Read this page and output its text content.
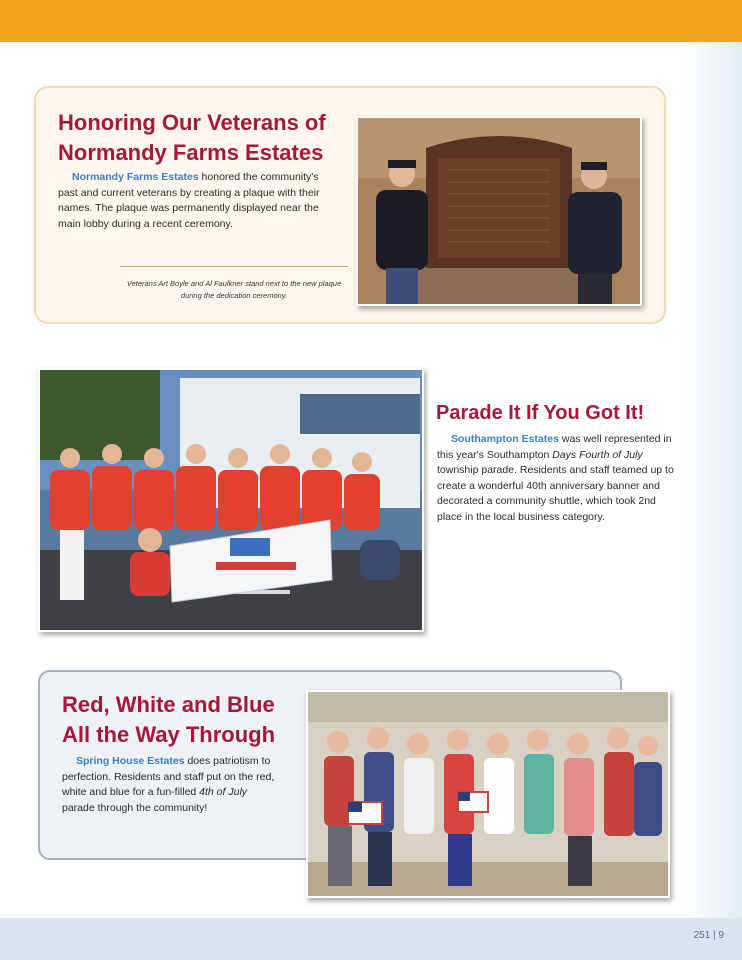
251 | 9
Honoring Our Veterans of Normandy Farms Estates

Normandy Farms Estates honored the community's past and current veterans by creating a plaque with their names. The plaque was permanently displayed near the main lobby during a recent ceremony.

Veterans Art Boyle and Al Faulkner stand next to the new plaque during the dedication ceremony.

Parade It If You Got It!

Southampton Estates was well represented in this year's Southampton Days Fourth of July township parade. Residents and staff teamed up to create a wonderful 40th anniversary banner and decorated a community shuttle, which took 2nd place in the local business category.

Red, White and Blue All the Way Through

Spring House Estates does patriotism to perfection. Residents and staff put on the red, white and blue for a fun-filled 4th of July parade through the community!
